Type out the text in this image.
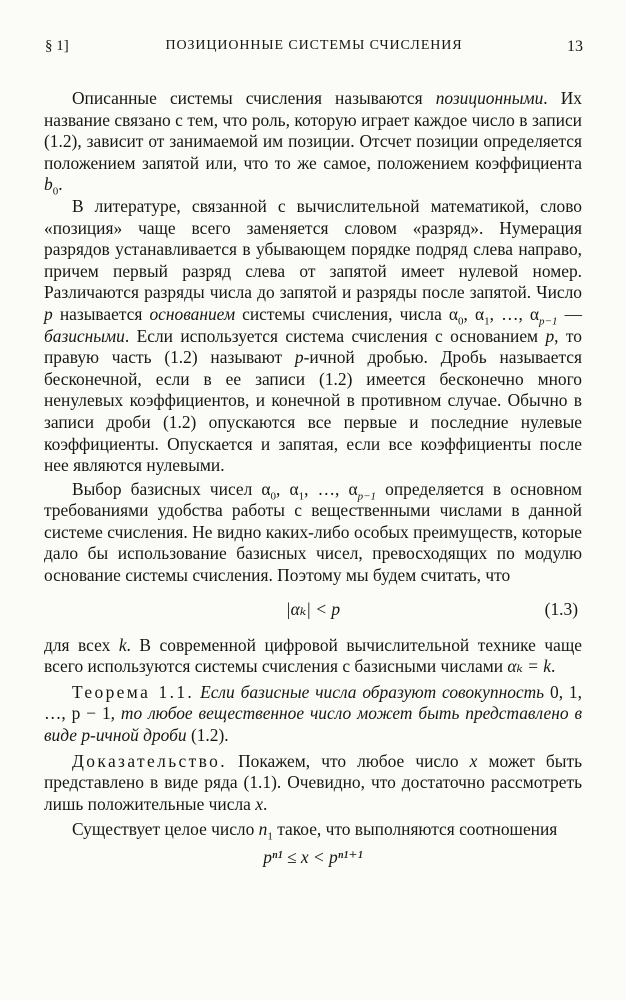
§ 1]	ПОЗИЦИОННЫЕ СИСТЕМЫ СЧИСЛЕНИЯ	13

Описанные системы счисления называются позиционными. Их название связано с тем, что роль, которую играет каждое число в записи (1.2), зависит от занимаемой им позиции. Отсчет позиции определяется положением запятой или, что то же самое, положением коэффициента $b_0$.

В литературе, связанной с вычислительной математикой, слово «позиция» чаще всего заменяется словом «разряд». Нумерация разрядов устанавливается в убывающем порядке подряд слева направо, причем первый разряд слева от запятой имеет нулевой номер. Различаются разряды числа до запятой и разряды после запятой. Число p называется основанием системы счисления, числа $\alpha_0$, $\alpha_1$, …, $\alpha_{p-1}$ — базисными. Если используется система счисления с основанием p, то правую часть (1.2) называют p-ичной дробью. Дробь называется бесконечной, если в ее записи (1.2) имеется бесконечно много ненулевых коэффициентов, и конечной в противном случае. Обычно в записи дроби (1.2) опускаются все первые и последние нулевые коэффициенты. Опускается и запятая, если все коэффициенты после нее являются нулевыми.

Выбор базисных чисел $\alpha_0$, $\alpha_1$, …, $\alpha_{p-1}$ определяется в основном требованиями удобства работы с вещественными числами в данной системе счисления. Не видно каких-либо особых преимуществ, которые дало бы использование базисных чисел, превосходящих по модулю основание системы счисления. Поэтому мы будем считать, что

|αₖ| < p	(1.3)

для всех k. В современной цифровой вычислительной технике чаще всего используются системы счисления с базисными числами αₖ = k.

Теорема 1.1. Если базисные числа образуют совокупность 0, 1, …, p − 1, то любое вещественное число может быть представлено в виде p-ичной дроби (1.2).

Доказательство. Покажем, что любое число x может быть представлено в виде ряда (1.1). Очевидно, что достаточно рассмотреть лишь положительные числа x.

Существует целое число $n_1$ такое, что выполняются соотношения

pⁿ¹ ≤ x < pⁿ¹⁺¹
